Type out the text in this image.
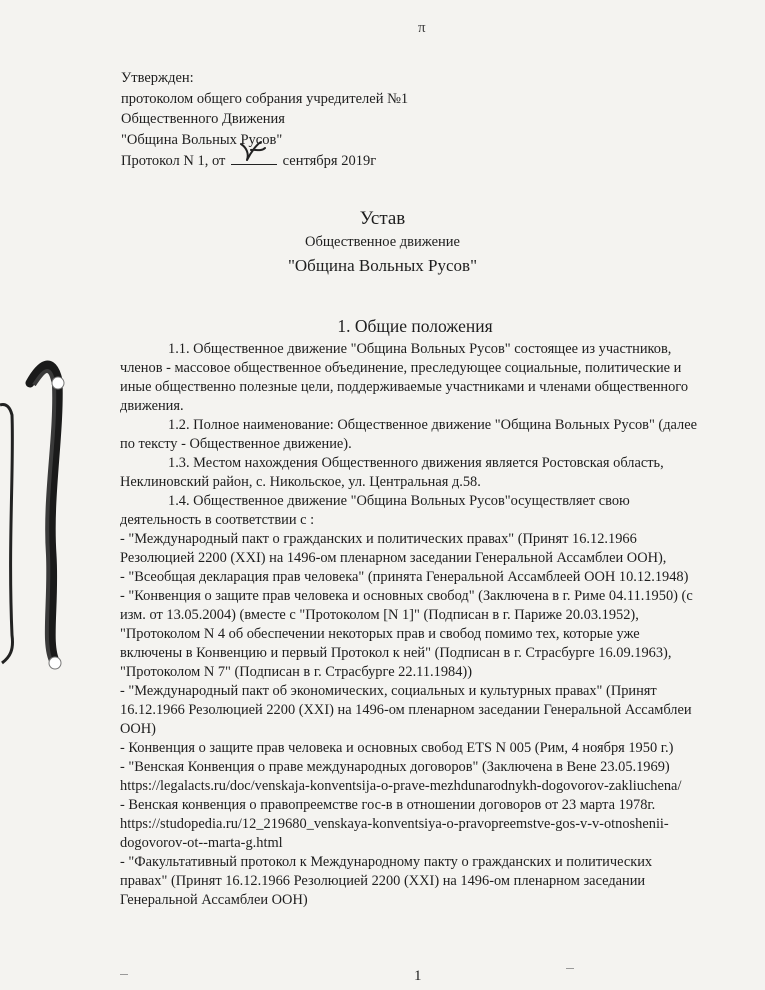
π
Утвержден:
протоколом общего собрания учредителей №1
Общественного Движения
"Община Вольных Русов"
Протокол N 1, от	сентября 2019г
Устав
Общественное движение
"Община Вольных Русов"
1. Общие положения

1.1. Общественное движение "Община Вольных Русов" состоящее из участников, членов - массовое общественное объединение, преследующее социальные, политические и иные общественно полезные цели, поддерживаемые участниками и членами общественного движения.

1.2. Полное наименование: Общественное движение "Община Вольных Русов" (далее по тексту - Общественное движение).

1.3. Местом нахождения Общественного движения является Ростовская область, Неклиновский район, с. Никольское, ул. Центральная д.58.

1.4. Общественное движение "Община Вольных Русов"осуществляет свою деятельность в соответствии с :

- "Международный пакт о гражданских и политических правах" (Принят 16.12.1966 Резолюцией 2200 (XXI) на 1496-ом пленарном заседании Генеральной Ассамблеи ООН),

- "Всеобщая декларация прав человека" (принята Генеральной Ассамблеей ООН 10.12.1948)

- "Конвенция о защите прав человека и основных свобод" (Заключена в г. Риме 04.11.1950) (с изм. от 13.05.2004) (вместе с "Протоколом [N 1]" (Подписан в г. Париже 20.03.1952), "Протоколом N 4 об обеспечении некоторых прав и свобод помимо тех, которые уже включены в Конвенцию и первый Протокол к ней" (Подписан в г. Страсбурге 16.09.1963), "Протоколом N 7" (Подписан в г. Страсбурге 22.11.1984))

- "Международный пакт об экономических, социальных и культурных правах" (Принят 16.12.1966 Резолюцией 2200 (XXI) на 1496-ом пленарном заседании Генеральной Ассамблеи ООН)

- Конвенция о защите прав человека и основных свобод ETS N 005 (Рим, 4 ноября 1950 г.)

- "Венская Конвенция о праве международных договоров" (Заключена в Вене 23.05.1969) https://legalacts.ru/doc/venskaja-konventsija-o-prave-mezhdunarodnykh-dogovorov-zakliuchena/

- Венская конвенция о правопреемстве гос-в в отношении договоров от 23 марта 1978г. https://studopedia.ru/12_219680_venskaya-konventsiya-o-pravopreemstve-gos-v-v-otnoshenii-dogovorov-ot--marta-g.html

- "Факультативный протокол к Международному пакту о гражданских и политических правах" (Принят 16.12.1966 Резолюцией 2200 (XXI) на 1496-ом пленарном заседании Генеральной Ассамблеи ООН)

1
